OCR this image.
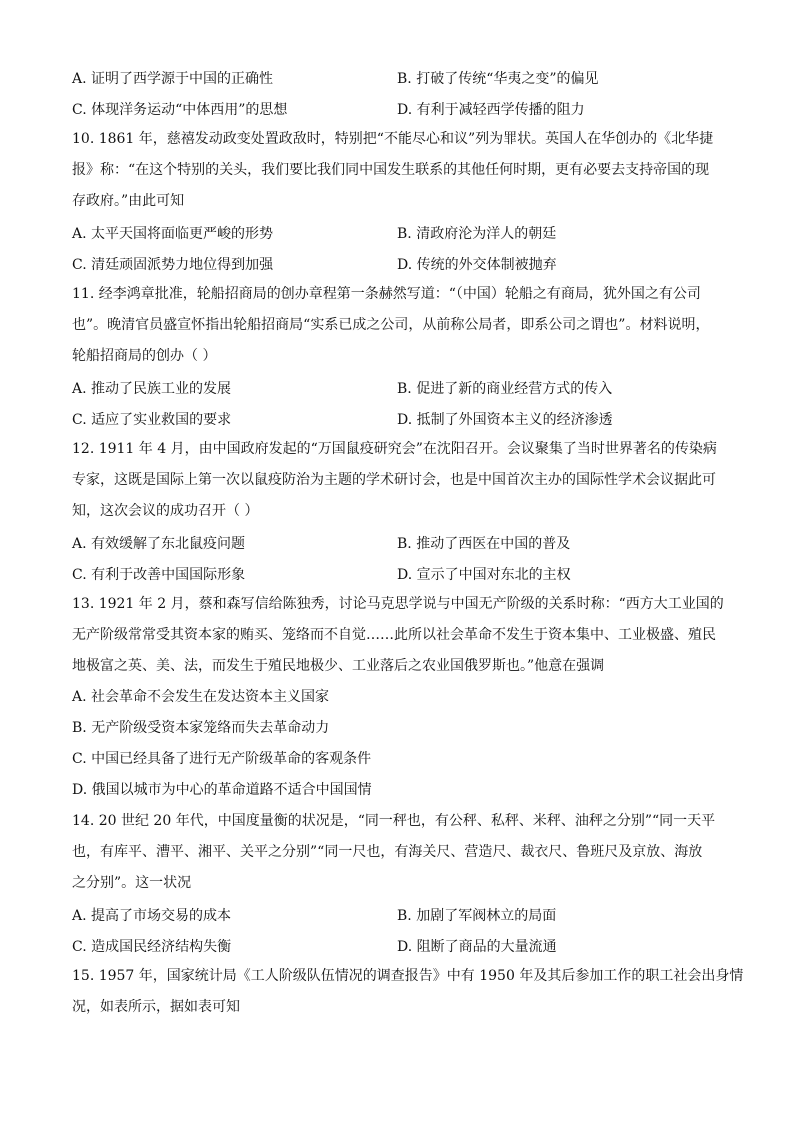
A. 证明了西学源于中国的正确性	B. 打破了传统“华夷之变”的偏见
C. 体现洋务运动“中体西用”的思想	D. 有利于减轻西学传播的阻力
10. 1861 年，慈禧发动政变处置政敌时，特别把“不能尽心和议”列为罪状。英国人在华创办的《北华捷
报》称：“在这个特别的关头，我们要比我们同中国发生联系的其他任何时期，更有必要去支持帝国的现
存政府。”由此可知
A. 太平天国将面临更严峻的形势	B. 清政府沦为洋人的朝廷
C. 清廷顽固派势力地位得到加强	D. 传统的外交体制被抛弃
11. 经李鸿章批准，轮船招商局的创办章程第一条赫然写道：“（中国）轮船之有商局，犹外国之有公司
也”。晚清官员盛宣怀指出轮船招商局“实系已成之公司，从前称公局者，即系公司之谓也”。材料说明，
轮船招商局的创办（ ）
A. 推动了民族工业的发展	B. 促进了新的商业经营方式的传入
C. 适应了实业救国的要求	D. 抵制了外国资本主义的经济渗透
12. 1911 年 4 月，由中国政府发起的“万国鼠疫研究会”在沈阳召开。会议聚集了当时世界著名的传染病
专家，这既是国际上第一次以鼠疫防治为主题的学术研讨会，也是中国首次主办的国际性学术会议据此可
知，这次会议的成功召开（ ）
A. 有效缓解了东北鼠疫问题	B. 推动了西医在中国的普及
C. 有利于改善中国国际形象	D. 宣示了中国对东北的主权
13. 1921 年 2 月，蔡和森写信给陈独秀，讨论马克思学说与中国无产阶级的关系时称：“西方大工业国的
无产阶级常常受其资本家的贿买、笼络而不自觉……此所以社会革命不发生于资本集中、工业极盛、殖民
地极富之英、美、法，而发生于殖民地极少、工业落后之农业国俄罗斯也。”他意在强调
A. 社会革命不会发生在发达资本主义国家
B. 无产阶级受资本家笼络而失去革命动力
C. 中国已经具备了进行无产阶级革命的客观条件
D. 俄国以城市为中心的革命道路不适合中国国情
14. 20 世纪 20 年代，中国度量衡的状况是，“同一秤也，有公秤、私秤、米秤、油秤之分别”“同一天平
也，有库平、漕平、湘平、关平之分别”“同一尺也，有海关尺、营造尺、裁衣尺、鲁班尺及京放、海放
之分别”。这一状况
A. 提高了市场交易的成本	B. 加剧了军阀林立的局面
C. 造成国民经济结构失衡	D. 阻断了商品的大量流通
15. 1957 年，国家统计局《工人阶级队伍情况的调查报告》中有 1950 年及其后参加工作的职工社会出身情
况，如表所示，据如表可知
